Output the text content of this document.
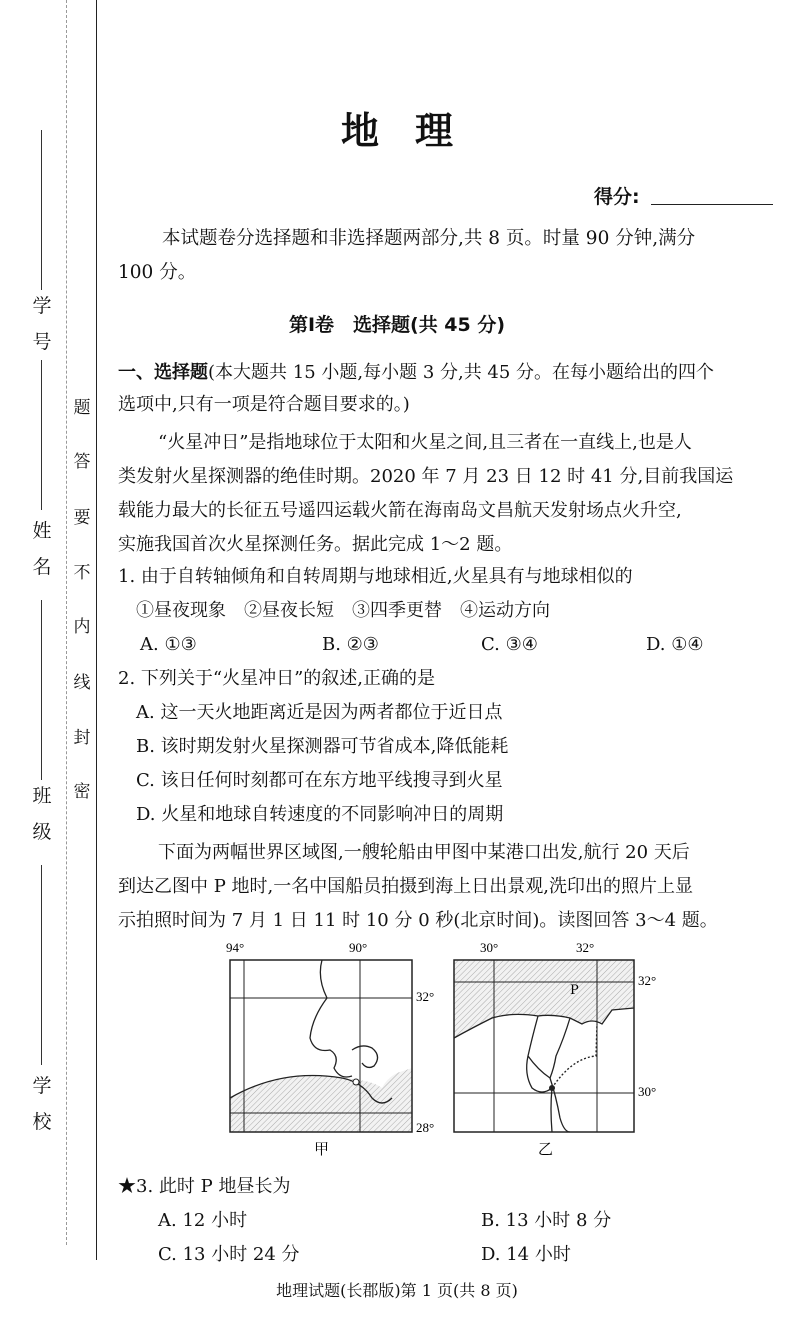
学
号
姓
名
班
级
学
校
密
封
线
内
不
要
答
题
地理
得分:
本试题卷分选择题和非选择题两部分,共 8 页。时量 90 分钟,满分
100 分。
第Ⅰ卷　选择题(共 45 分)
一、选择题(本大题共 15 小题,每小题 3 分,共 45 分。在每小题给出的四个
选项中,只有一项是符合题目要求的。)
“火星冲日”是指地球位于太阳和火星之间,且三者在一直线上,也是人
类发射火星探测器的绝佳时期。2020 年 7 月 23 日 12 时 41 分,目前我国运
载能力最大的长征五号遥四运载火箭在海南岛文昌航天发射场点火升空,
实施我国首次火星探测任务。据此完成 1～2 题。
1. 由于自转轴倾角和自转周期与地球相近,火星具有与地球相似的
①昼夜现象　②昼夜长短　③四季更替　④运动方向
A. ①③	B. ②③	C. ③④	D. ①④
2. 下列关于“火星冲日”的叙述,正确的是
A. 这一天火地距离近是因为两者都位于近日点
B. 该时期发射火星探测器可节省成本,降低能耗
C. 该日任何时刻都可在东方地平线搜寻到火星
D. 火星和地球自转速度的不同影响冲日的周期
下面为两幅世界区域图,一艘轮船由甲图中某港口出发,航行 20 天后
到达乙图中 P 地时,一名中国船员拍摄到海上日出景观,洗印出的照片上显
示拍照时间为 7 月 1 日 11 时 10 分 0 秒(北京时间)。读图回答 3～4 题。
94°	90°
32°
28°
甲
30°	32°
32°
30°
P
乙
★3. 此时 P 地昼长为
A. 12 小时	B. 13 小时 8 分
C. 13 小时 24 分	D. 14 小时
地理试题(长郡版)第 1 页(共 8 页)
